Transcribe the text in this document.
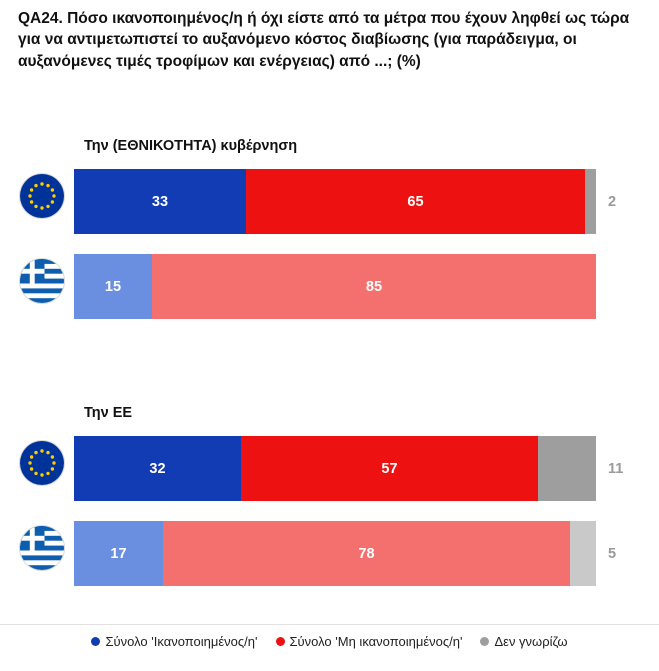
QA24. Πόσο ικανοποιημένος/η ή όχι είστε από τα μέτρα που έχουν ληφθεί ως τώρα για να αντιμετωπιστεί το αυξανόμενο κόστος διαβίωσης (για παράδειγμα, οι αυξανόμενες τιμές τροφίμων και ενέργειας) από ...; (%)
Την (ΕΘΝΙΚΟΤΗΤΑ) κυβέρνηση
33	65	2
15	85
Την ΕΕ
32	57	11
17	78	5
Σύνολο 'Ικανοποιημένος/η' Σύνολο 'Μη ικανοποιημένος/η' Δεν γνωρίζω
